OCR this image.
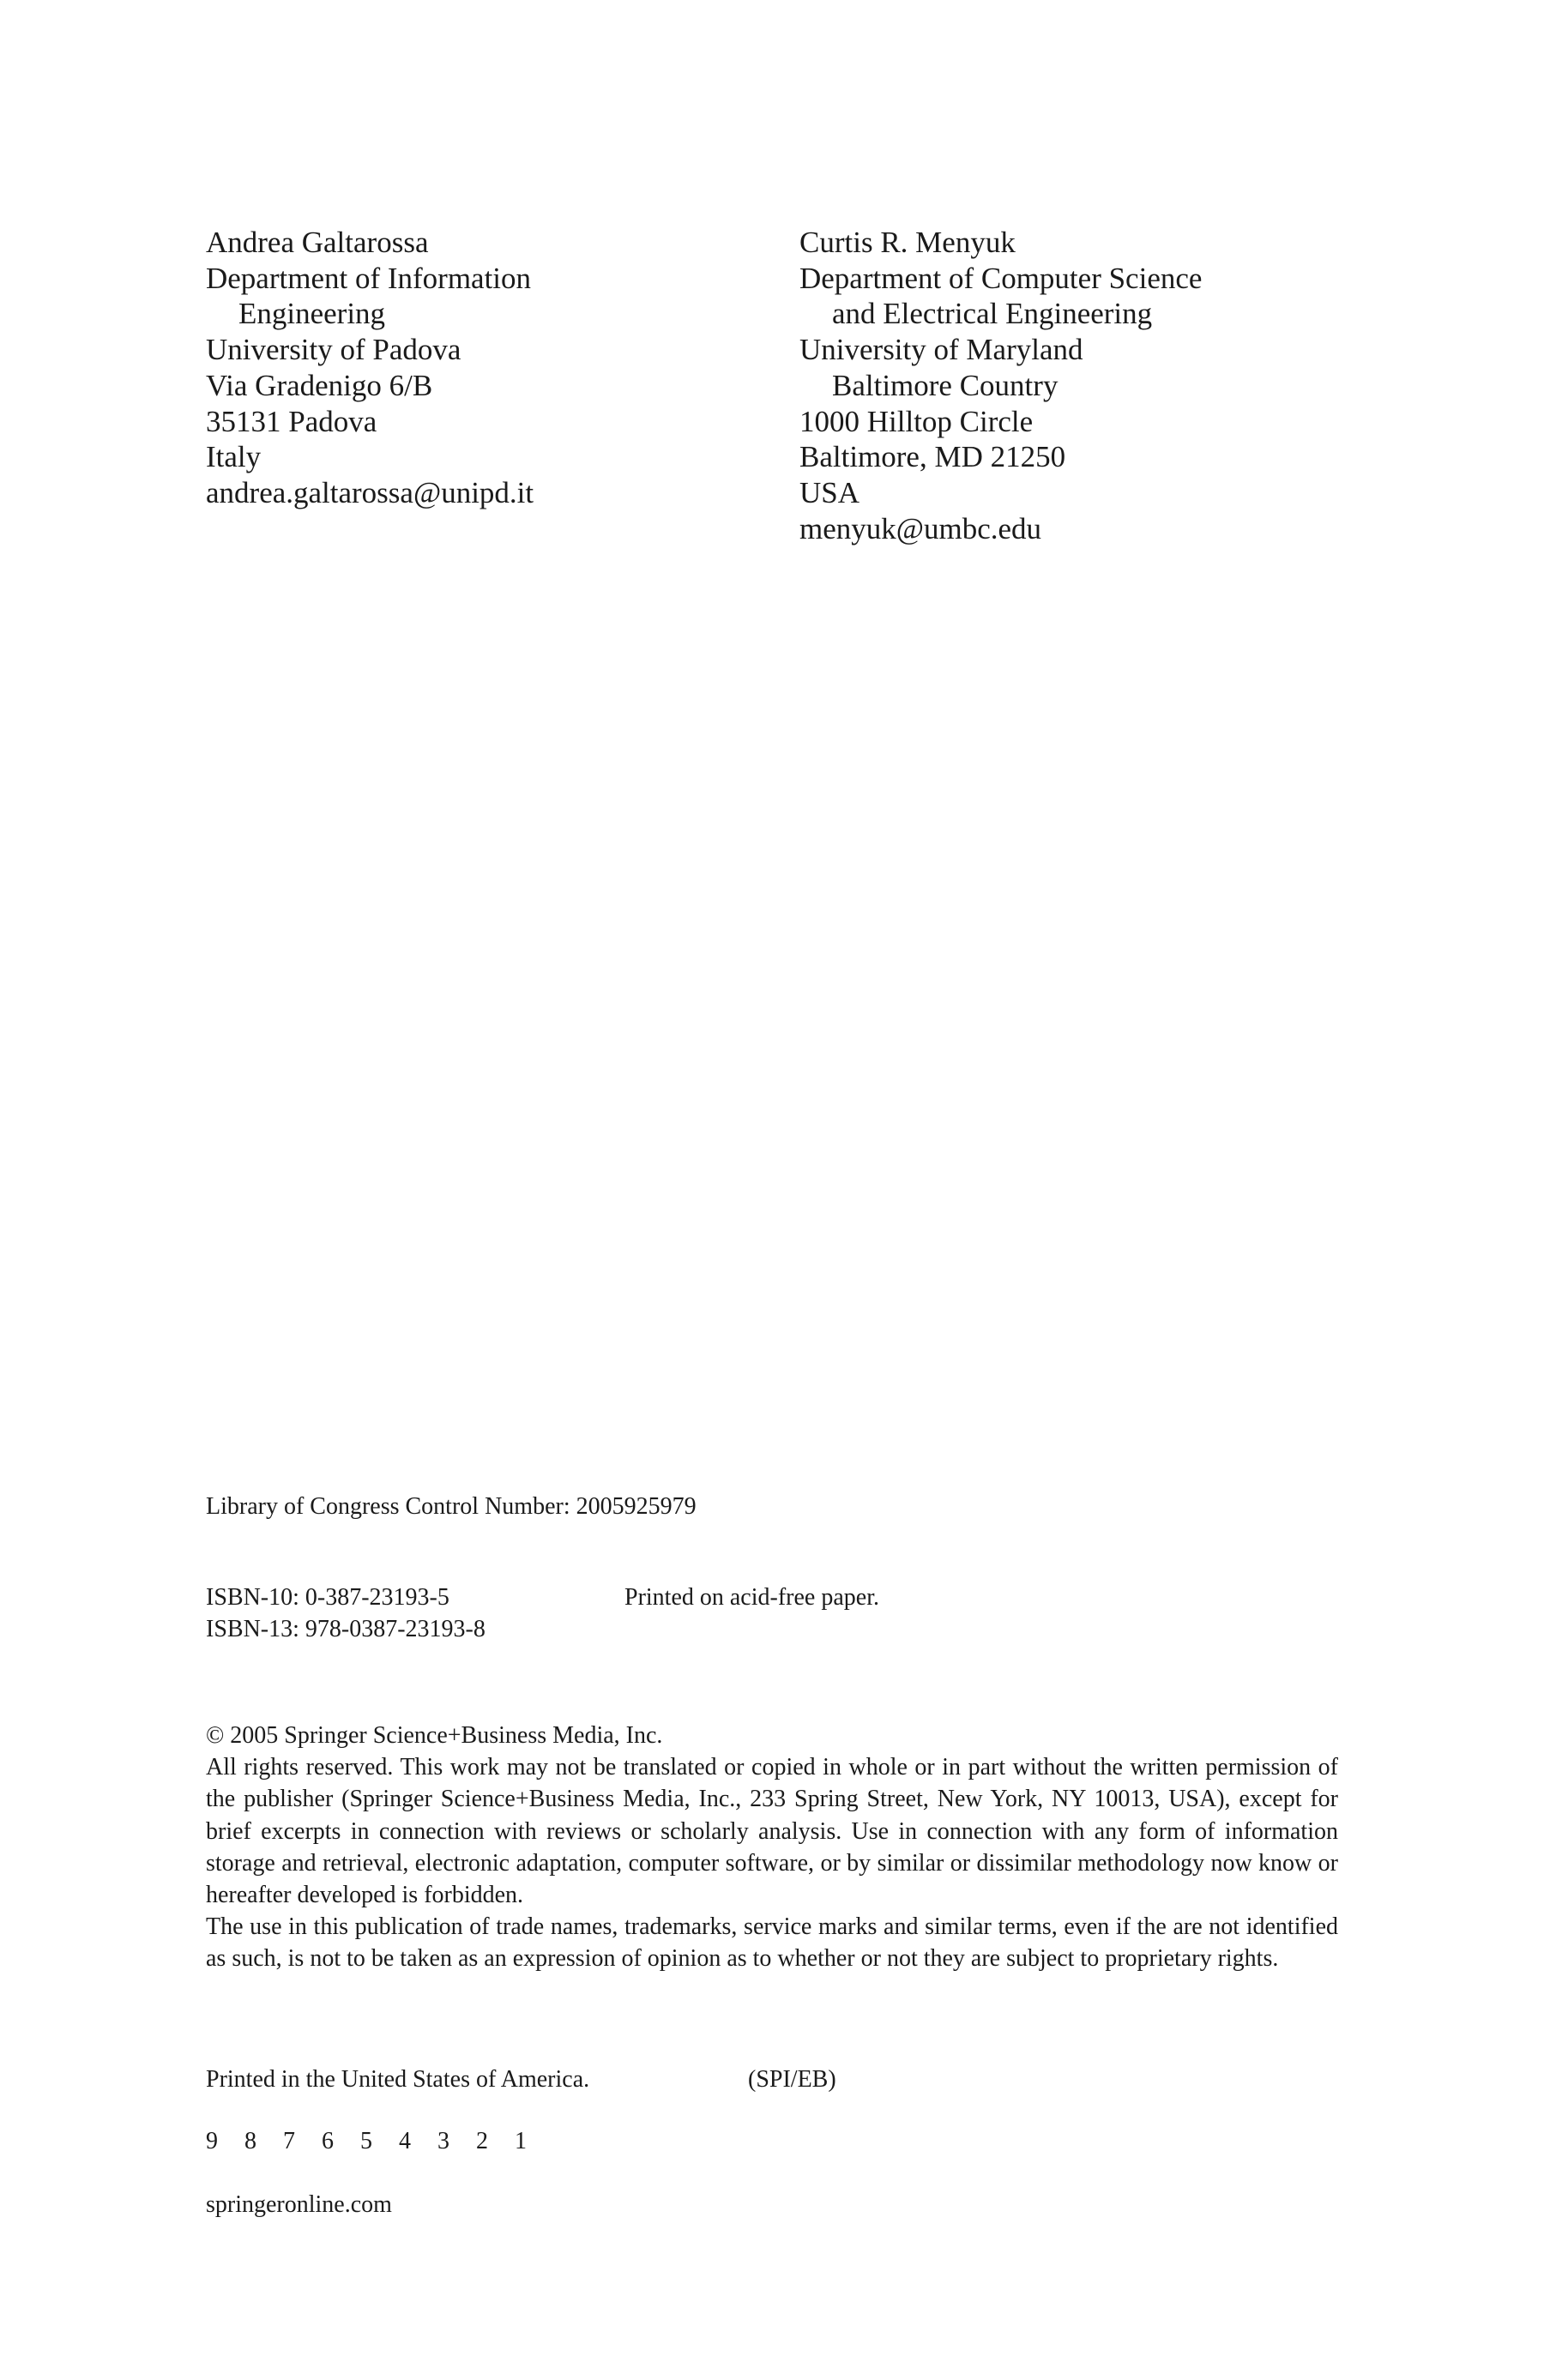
Andrea Galtarossa
Department of Information
Engineering
University of Padova
Via Gradenigo 6/B
35131 Padova
Italy
andrea.galtarossa@unipd.it
Curtis R. Menyuk
Department of Computer Science
and Electrical Engineering
University of Maryland
Baltimore Country
1000 Hilltop Circle
Baltimore, MD 21250
USA
menyuk@umbc.edu
Library of Congress Control Number: 2005925979
ISBN-10: 0-387-23193-5
ISBN-13: 978-0387-23193-8
Printed on acid-free paper.
© 2005 Springer Science+Business Media, Inc.

All rights reserved. This work may not be translated or copied in whole or in part without the written permission of the publisher (Springer Science+Business Media, Inc., 233 Spring Street, New York, NY 10013, USA), except for brief excerpts in connection with reviews or scholarly analysis. Use in connection with any form of information storage and retrieval, electronic adaptation, computer software, or by similar or dissimilar methodology now know or hereafter developed is forbidden.

The use in this publication of trade names, trademarks, service marks and similar terms, even if the are not identified as such, is not to be taken as an expression of opinion as to whether or not they are subject to proprietary rights.

Printed in the United States of America.	(SPI/EB)
9 8 7 6 5 4 3 2 1
springeronline.com
